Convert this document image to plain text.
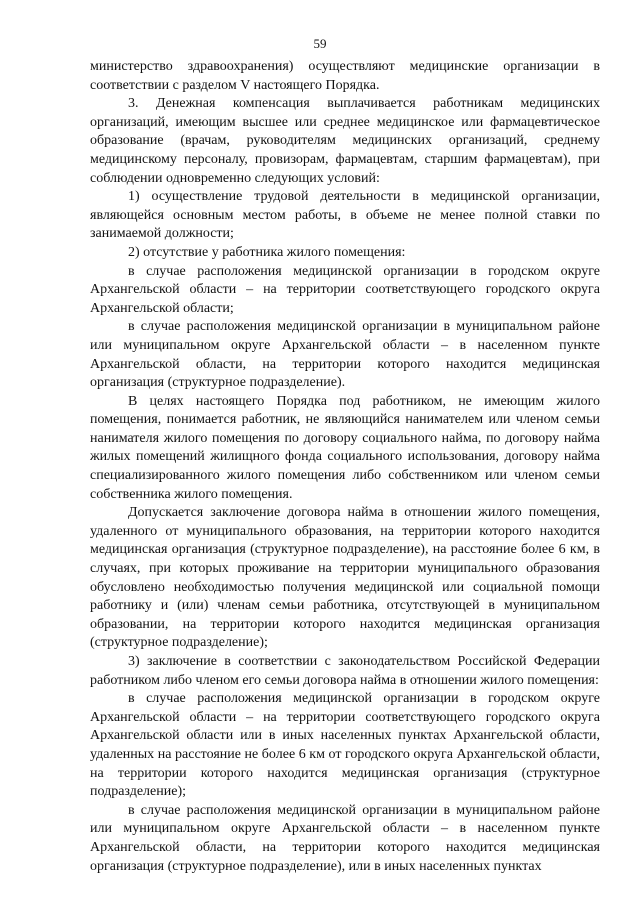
59

министерство здравоохранения) осуществляют медицинские организации в соответствии с разделом V настоящего Порядка.

3. Денежная компенсация выплачивается работникам медицинских организаций, имеющим высшее или среднее медицинское или фармацевтическое образование (врачам, руководителям медицинских организаций, среднему медицинскому персоналу, провизорам, фармацевтам, старшим фармацевтам), при соблюдении одновременно следующих условий:

1) осуществление трудовой деятельности в медицинской организации, являющейся основным местом работы, в объеме не менее полной ставки по занимаемой должности;

2) отсутствие у работника жилого помещения:

в случае расположения медицинской организации в городском округе Архангельской области – на территории соответствующего городского округа Архангельской области;

в случае расположения медицинской организации в муниципальном районе или муниципальном округе Архангельской области – в населенном пункте Архангельской области, на территории которого находится медицинская организация (структурное подразделение).

В целях настоящего Порядка под работником, не имеющим жилого помещения, понимается работник, не являющийся нанимателем или членом семьи нанимателя жилого помещения по договору социального найма, по договору найма жилых помещений жилищного фонда социального использования, договору найма специализированного жилого помещения либо собственником или членом семьи собственника жилого помещения.

Допускается заключение договора найма в отношении жилого помещения, удаленного от муниципального образования, на территории которого находится медицинская организация (структурное подразделение), на расстояние более 6 км, в случаях, при которых проживание на территории муниципального образования обусловлено необходимостью получения медицинской или социальной помощи работнику и (или) членам семьи работника, отсутствующей в муниципальном образовании, на территории которого находится медицинская организация (структурное подразделение);

3) заключение в соответствии с законодательством Российской Федерации работником либо членом его семьи договора найма в отношении жилого помещения:

в случае расположения медицинской организации в городском округе Архангельской области – на территории соответствующего городского округа Архангельской области или в иных населенных пунктах Архангельской области, удаленных на расстояние не более 6 км от городского округа Архангельской области, на территории которого находится медицинская организация (структурное подразделение);

в случае расположения медицинской организации в муниципальном районе или муниципальном округе Архангельской области – в населенном пункте Архангельской области, на территории которого находится медицинская организация (структурное подразделение), или в иных населенных пунктах
